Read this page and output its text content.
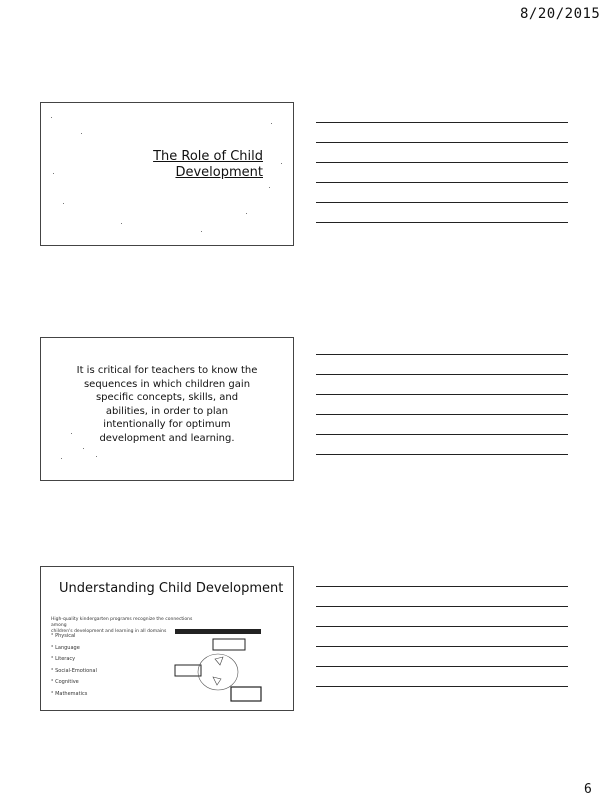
8/20/2015
The Role of Child
Development
It is critical for teachers to know the
sequences in which children gain
specific concepts, skills, and
abilities, in order to plan
intentionally for optimum
development and learning.
Understanding Child Development
High-quality kindergarten programs recognize the connections among
children's development and learning in all domains
° Physical
° Language
° Literacy
° Social-Emotional
° Cognitive
° Mathematics
6
